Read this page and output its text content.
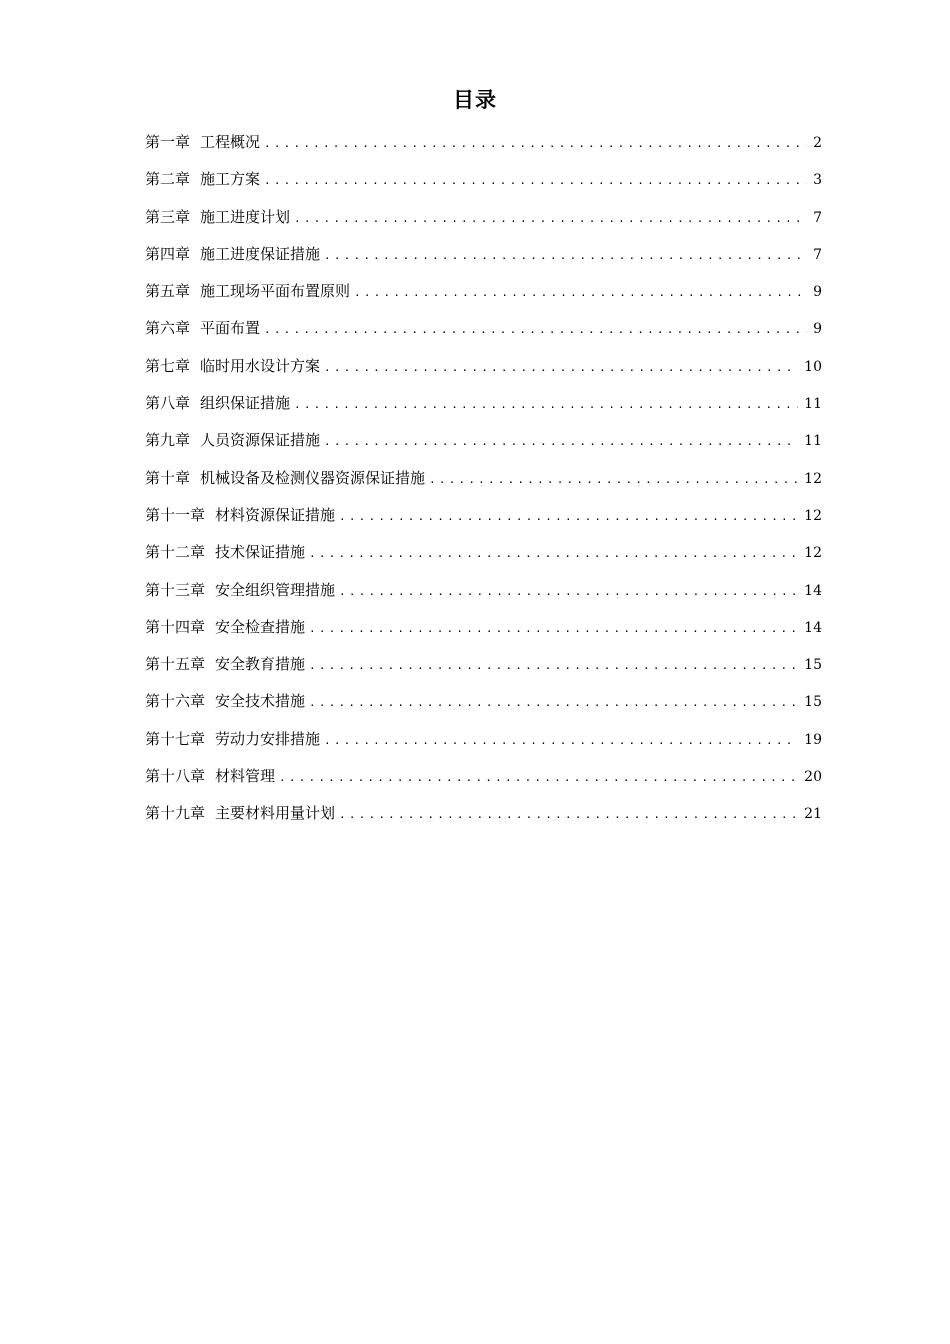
目录
第一章 工程概况 .....	2
第二章 施工方案 .....	3
第三章 施工进度计划 .....	7
第四章 施工进度保证措施 .....	7
第五章 施工现场平面布置原则 .....	9
第六章 平面布置 .....	9
第七章 临时用水设计方案 .....	10
第八章 组织保证措施 .....	11
第九章 人员资源保证措施 .....	11
第十章 机械设备及检测仪器资源保证措施 .....	12
第十一章 材料资源保证措施 .....	12
第十二章 技术保证措施 .....	12
第十三章 安全组织管理措施 .....	14
第十四章 安全检查措施 .....	14
第十五章 安全教育措施 .....	15
第十六章 安全技术措施 .....	15
第十七章 劳动力安排措施 .....	19
第十八章 材料管理 .....	20
第十九章 主要材料用量计划 .....	21
